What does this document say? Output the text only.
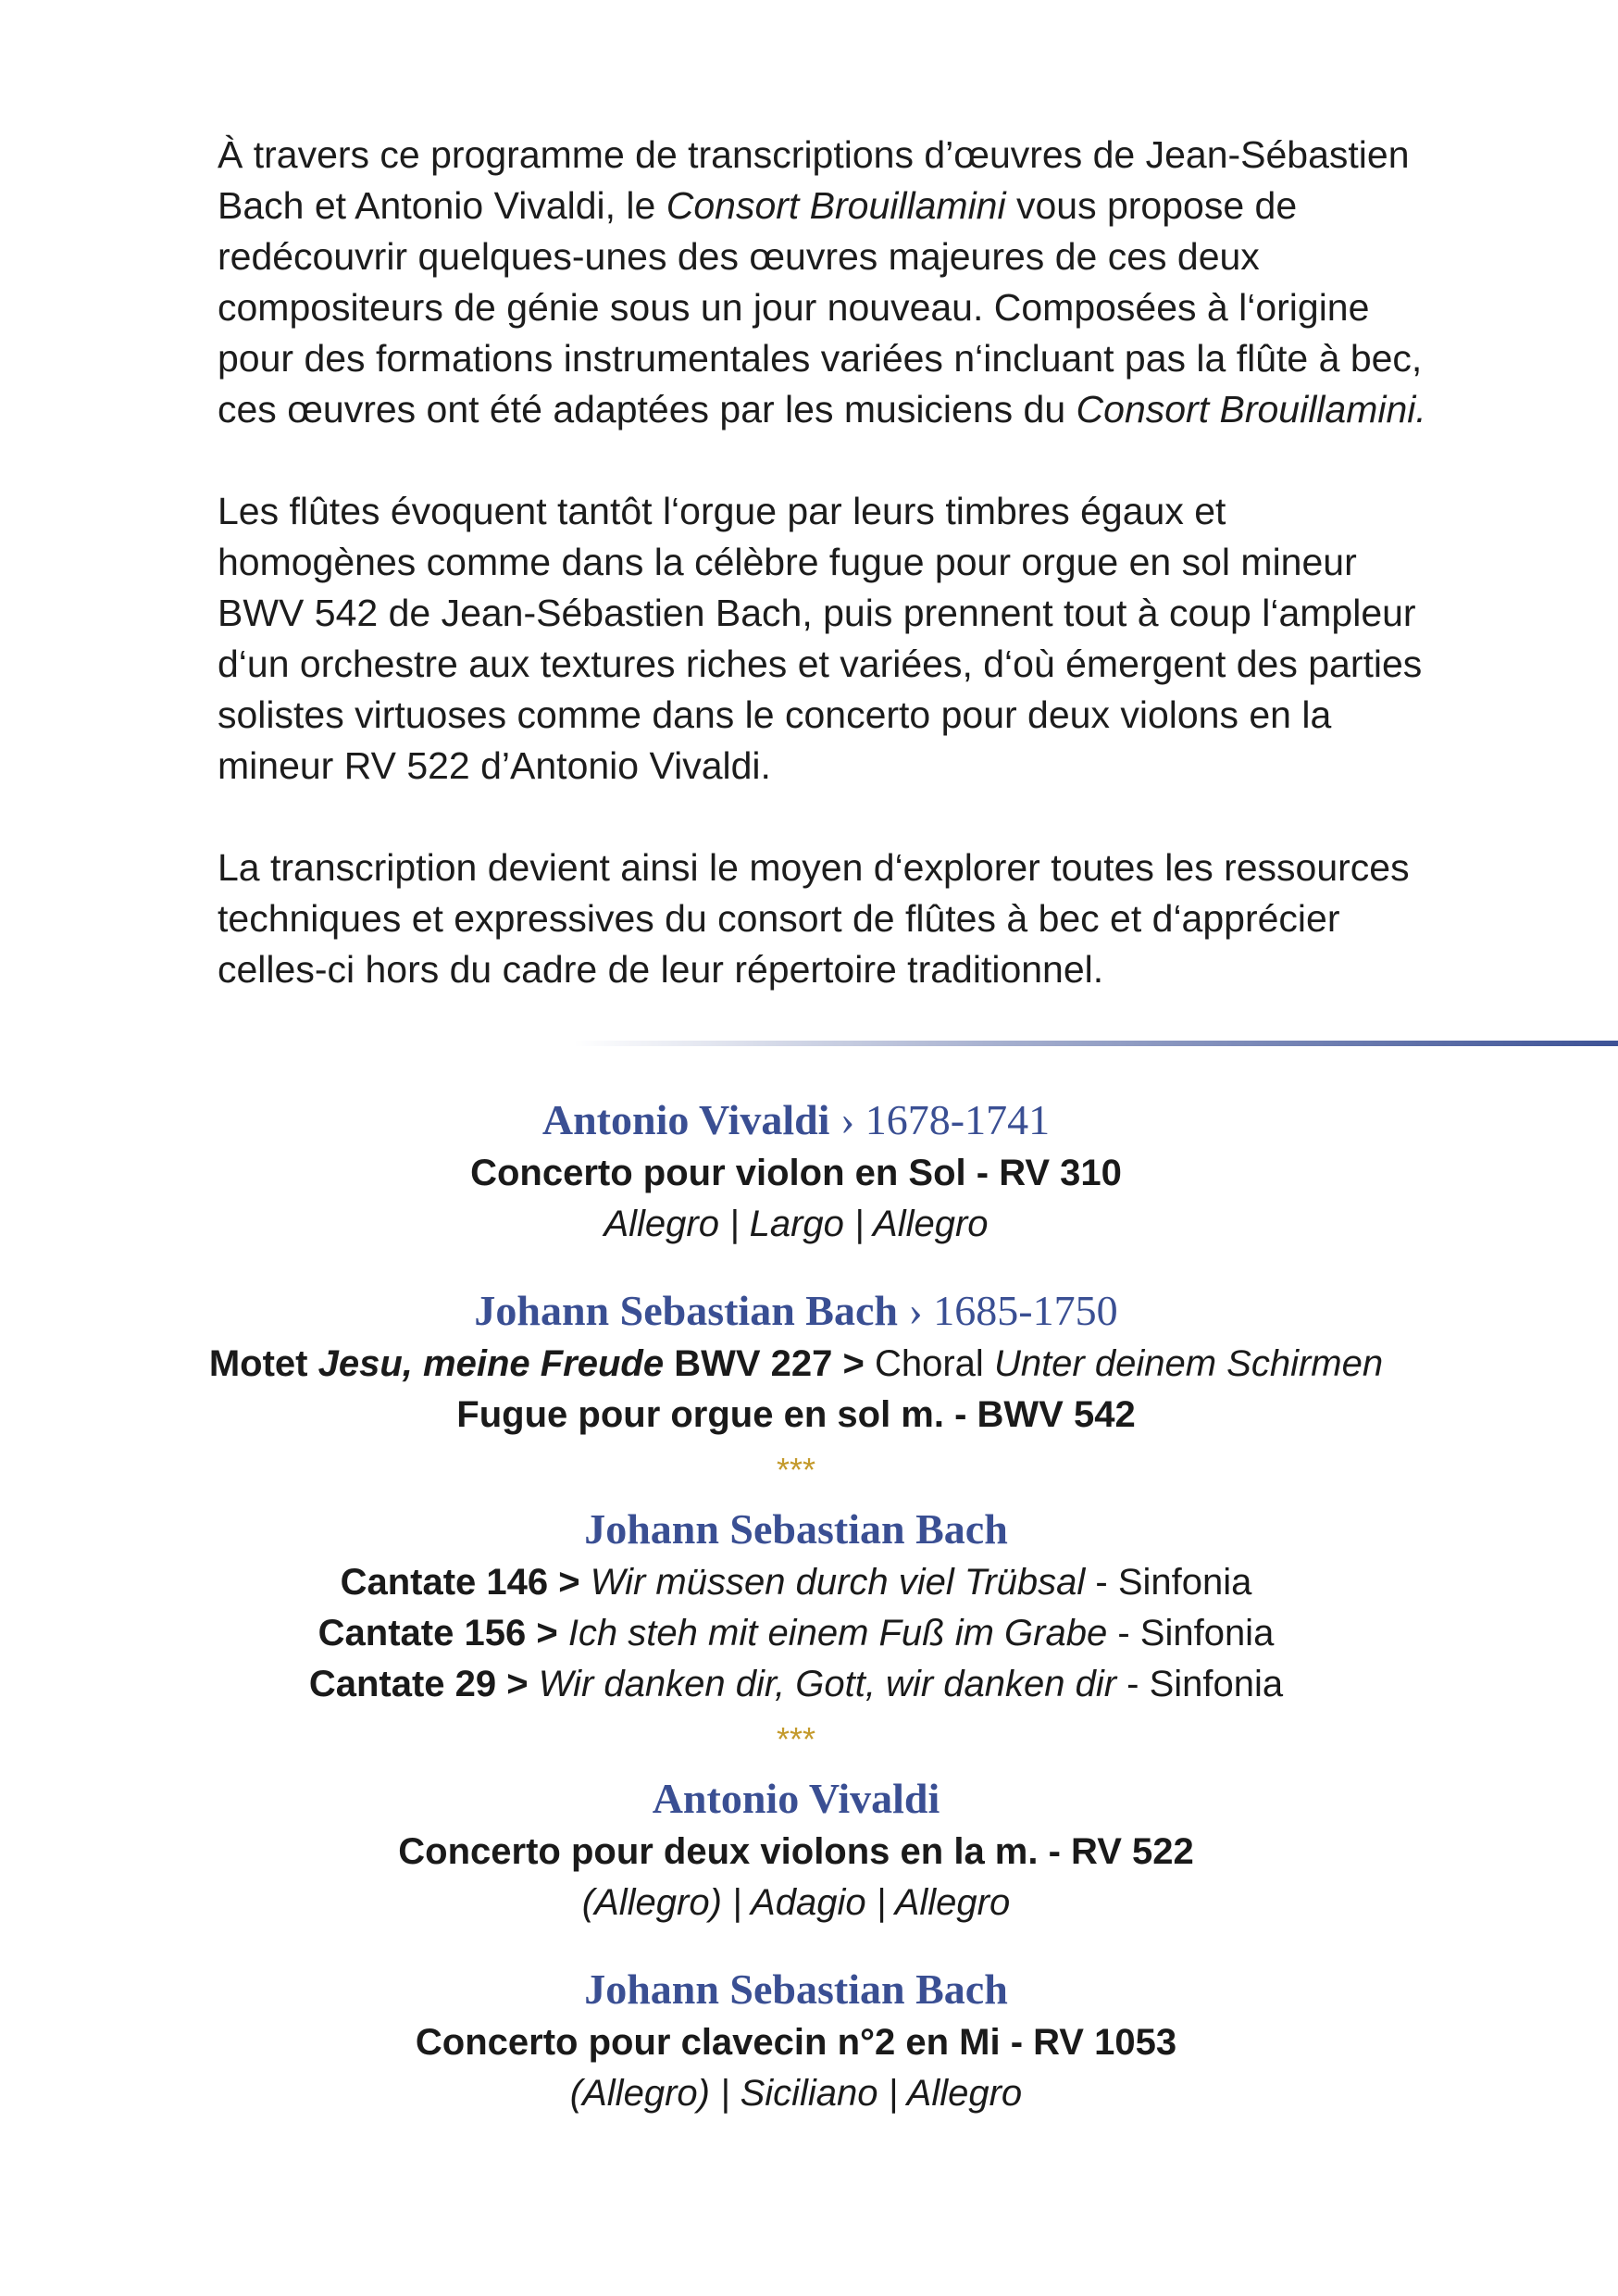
À travers ce programme de transcriptions d’œuvres de Jean-Sébastien
Bach et Antonio Vivaldi, le Consort Brouillamini vous propose de
redécouvrir quelques-unes des œuvres majeures de ces deux
compositeurs de génie sous un jour nouveau. Composées à l‘origine
pour des formations instrumentales variées n‘incluant pas la flûte à bec,
ces œuvres ont été adaptées par les musiciens du Consort Brouillamini.

Les flûtes évoquent tantôt l‘orgue par leurs timbres égaux et
homogènes comme dans la célèbre fugue pour orgue en sol mineur
BWV 542 de Jean-Sébastien Bach, puis prennent tout à coup l‘ampleur
d‘un orchestre aux textures riches et variées, d‘où émergent des parties
solistes virtuoses comme dans le concerto pour deux violons en la
mineur RV 522 d’Antonio Vivaldi.

La transcription devient ainsi le moyen d‘explorer toutes les ressources
techniques et expressives du consort de flûtes à bec et d‘apprécier
celles-ci hors du cadre de leur répertoire traditionnel.

Antonio Vivaldi › 1678-1741

Concerto pour violon en Sol - RV 310

Allegro | Largo | Allegro

Johann Sebastian Bach › 1685-1750

Motet Jesu, meine Freude BWV 227 > Choral Unter deinem Schirmen

Fugue pour orgue en sol m. - BWV 542

***

Johann Sebastian Bach

Cantate 146 > Wir müssen durch viel Trübsal - Sinfonia

Cantate 156 > Ich steh mit einem Fuß im Grabe - Sinfonia

Cantate 29 > Wir danken dir, Gott, wir danken dir - Sinfonia

***

Antonio Vivaldi

Concerto pour deux violons en la m. - RV 522

(Allegro) | Adagio | Allegro

Johann Sebastian Bach

Concerto pour clavecin n°2 en Mi - RV 1053

(Allegro) | Siciliano | Allegro
